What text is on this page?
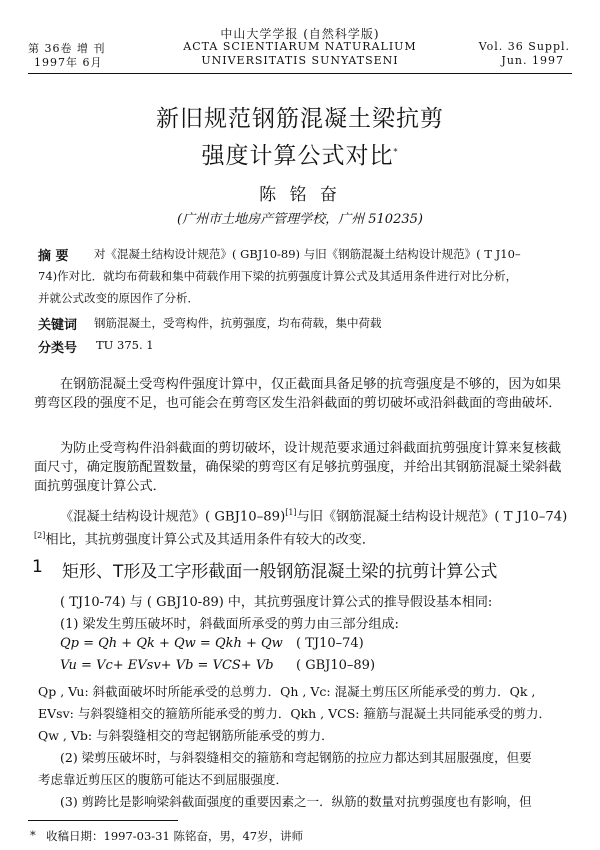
第 36卷 增 刊
1997年 6月
中山大学学报 (自然科学版)
ACTA SCIENTIARUM NATURALIUM
UNIVERSITATIS SUNYATSENI
Vol. 36 Suppl.
Jun. 1997
新旧规范钢筋混凝土梁抗剪
强度计算公式对比*
陈 铭 奋
(广州市土地房产管理学校，广州 510235)
摘 要 对《混凝土结构设计规范》( GBJ10-89) 与旧《钢筋混凝土结构设计规范》( T J10–
74)作对比．就均布荷载和集中荷载作用下梁的抗剪强度计算公式及其适用条件进行对比分析，
并就公式改变的原因作了分析．
关键词 钢筋混凝土，受弯构件，抗剪强度，均布荷载，集中荷载
分类号 TU 375. 1
在钢筋混凝土受弯构件强度计算中，仅正截面具备足够的抗弯强度是不够的，因为如果剪弯区段的强度不足，也可能会在剪弯区发生沿斜截面的剪切破坏或沿斜截面的弯曲破坏．
为防止受弯构件沿斜截面的剪切破坏，设计规范要求通过斜截面抗剪强度计算来复核截面尺寸，确定腹筋配置数量，确保梁的剪弯区有足够抗剪强度，并给出其钢筋混凝土梁斜截面抗剪强度计算公式．
《混凝土结构设计规范》( GBJ10–89)[1]与旧《钢筋混凝土结构设计规范》( T J10–74)[2]相比，其抗剪强度计算公式及其适用条件有较大的改变．
1 矩形、T形及工字形截面一般钢筋混凝土梁的抗剪计算公式
( TJ10-74) 与 ( GBJ10-89) 中，其抗剪强度计算公式的推导假设基本相同:
(1) 梁发生剪压破坏时，斜截面所承受的剪力由三部分组成:
Qp = Qh + Qk + Qw = Qkh + Qw ( TJ10–74)
Vu = Vc+ EVsv+ Vb = VCS+ Vb ( GBJ10–89)
Qp , Vu: 斜截面破坏时所能承受的总剪力．Qh , Vc: 混凝土剪压区所能承受的剪力．Qk ,
EVsv: 与斜裂缝相交的箍筋所能承受的剪力．Qkh , VCS: 箍筋与混凝土共同能承受的剪力．
Qw , Vb: 与斜裂缝相交的弯起钢筋所能承受的剪力．
(2) 梁剪压破坏时，与斜裂缝相交的箍筋和弯起钢筋的拉应力都达到其屈服强度，但要
考虑靠近剪压区的腹筋可能达不到屈服强度．
(3) 剪跨比是影响梁斜截面强度的重要因素之一．纵筋的数量对抗剪强度也有影响，但
* 收稿日期：1997-03-31 陈铭奋，男，47岁，讲师
